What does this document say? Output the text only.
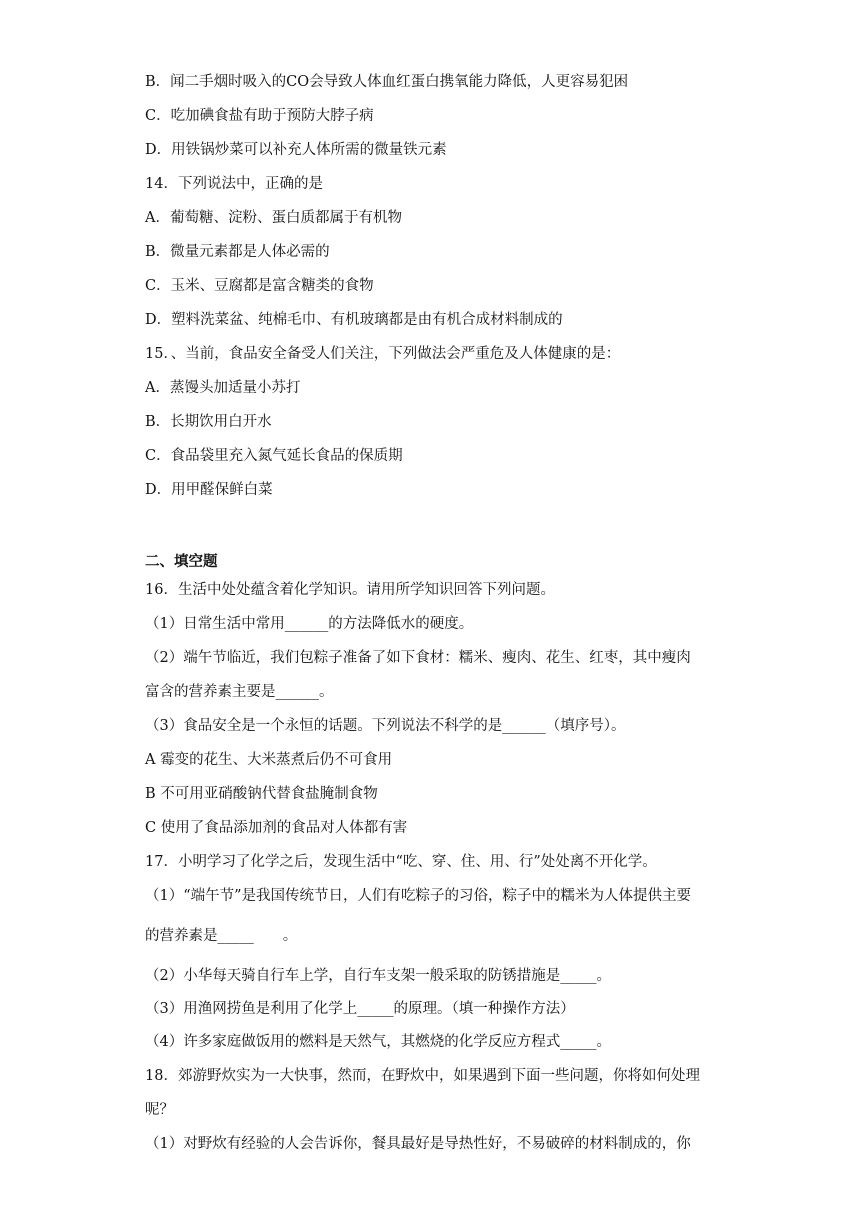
B．闻二手烟时吸入的CO会导致人体血红蛋白携氧能力降低，人更容易犯困
C．吃加碘食盐有助于预防大脖子病
D．用铁锅炒菜可以补充人体所需的微量铁元素
14．下列说法中，正确的是
A．葡萄糖、淀粉、蛋白质都属于有机物
B．微量元素都是人体必需的
C．玉米、豆腐都是富含糖类的食物
D．塑料洗菜盆、纯棉毛巾、有机玻璃都是由有机合成材料制成的
15．、当前，食品安全备受人们关注，下列做法会严重危及人体健康的是：
A．蒸馒头加适量小苏打
B．长期饮用白开水
C．食品袋里充入氮气延长食品的保质期
D．用甲醛保鲜白菜
二、填空题
16．生活中处处蕴含着化学知识。请用所学知识回答下列问题。
（1）日常生活中常用______的方法降低水的硬度。
（2）端午节临近，我们包粽子准备了如下食材：糯米、瘦肉、花生、红枣，其中瘦肉
富含的营养素主要是______。
（3）食品安全是一个永恒的话题。下列说法不科学的是______（填序号）。
A 霉变的花生、大米蒸煮后仍不可食用
B 不可用亚硝酸钠代替食盐腌制食物
C 使用了食品添加剂的食品对人体都有害
17．小明学习了化学之后，发现生活中“吃、穿、住、用、行”处处离不开化学。
（1）“端午节”是我国传统节日，人们有吃粽子的习俗，粽子中的糯米为人体提供主要
的营养素是_____　　。
（2）小华每天骑自行车上学，自行车支架一般采取的防锈措施是_____。
（3）用渔网捞鱼是利用了化学上_____的原理。（填一种操作方法）
（4）许多家庭做饭用的燃料是天然气，其燃烧的化学反应方程式_____。
18．郊游野炊实为一大快事，然而，在野炊中，如果遇到下面一些问题，你将如何处理
呢？
（1）对野炊有经验的人会告诉你，餐具最好是导热性好，不易破碎的材料制成的，你
